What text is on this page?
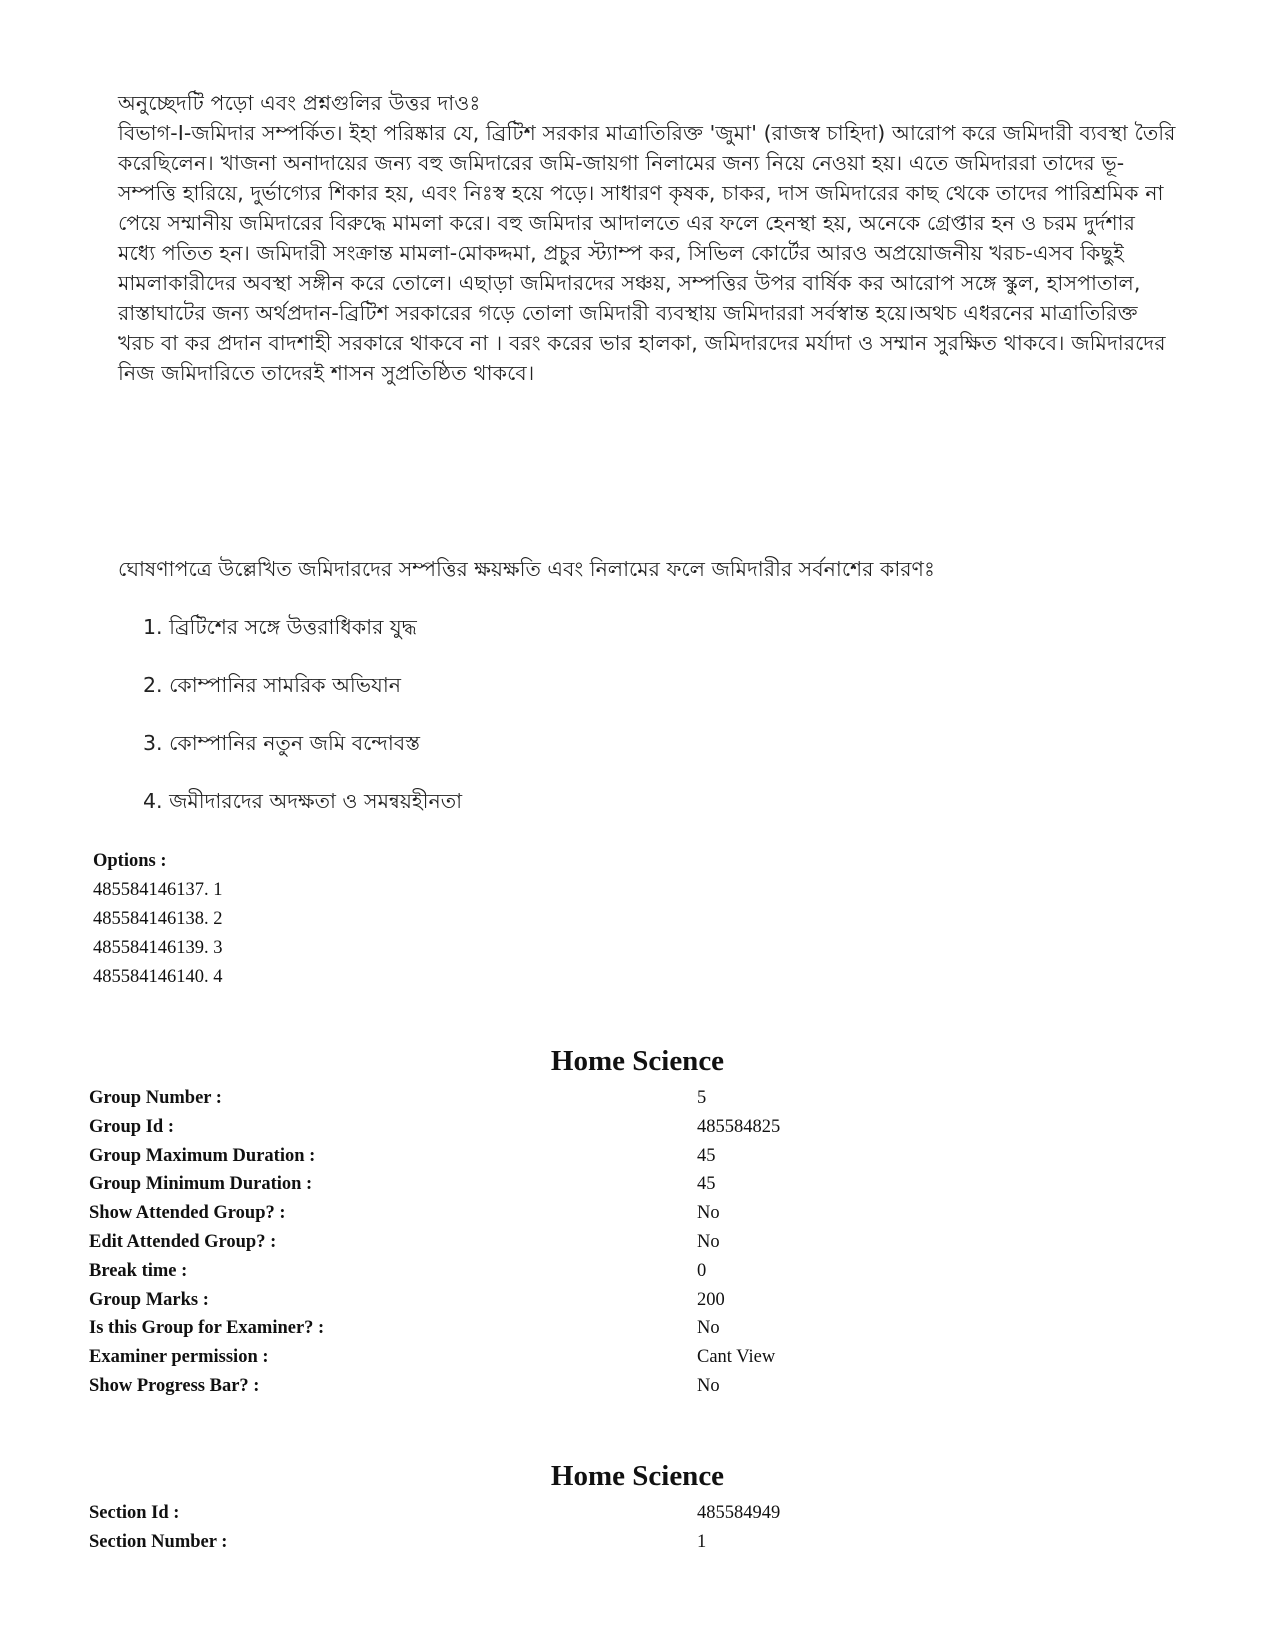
অনুচ্ছেদটি পড়ো এবং প্রশ্নগুলির উত্তর দাওঃ

বিভাগ-I-জমিদার সম্পর্কিত। ইহা পরিষ্কার যে, ব্রিটিশ সরকার মাত্রাতিরিক্ত 'জুমা' (রাজস্ব চাহিদা) আরোপ করে জমিদারী ব্যবস্থা তৈরি করেছিলেন। খাজনা অনাদায়ের জন্য বহু জমিদারের জমি-জায়গা নিলামের জন্য নিয়ে নেওয়া হয়। এতে জমিদাররা তাদের ভূ-সম্পত্তি হারিয়ে, দুর্ভাগ্যের শিকার হয়, এবং নিঃস্ব হয়ে পড়ে। সাধারণ কৃষক, চাকর, দাস জমিদারের কাছ থেকে তাদের পারিশ্রমিক না পেয়ে সম্মানীয় জমিদারের বিরুদ্ধে মামলা করে। বহু জমিদার আদালতে এর ফলে হেনস্থা হয়, অনেকে গ্রেপ্তার হন ও চরম দুর্দশার মধ্যে পতিত হন। জমিদারী সংক্রান্ত মামলা-মোকদ্দমা, প্রচুর স্ট্যাম্প কর, সিভিল কোর্টের আরও অপ্রয়োজনীয় খরচ-এসব কিছুই মামলাকারীদের অবস্থা সঙ্গীন করে তোলে। এছাড়া জমিদারদের সঞ্চয়, সম্পত্তির উপর বার্ষিক কর আরোপ সঙ্গে স্কুল, হাসপাতাল, রাস্তাঘাটের জন্য অর্থপ্রদান-ব্রিটিশ সরকারের গড়ে তোলা জমিদারী ব্যবস্থায় জমিদাররা সর্বস্বান্ত হয়ে।অথচ এধরনের মাত্রাতিরিক্ত খরচ বা কর প্রদান বাদশাহী সরকারে থাকবে না । বরং করের ভার হালকা, জমিদারদের মর্যাদা ও সম্মান সুরক্ষিত থাকবে। জমিদারদের নিজ জমিদারিতে তাদেরই শাসন সুপ্রতিষ্ঠিত থাকবে।

ঘোষণাপত্রে উল্লেখিত জমিদারদের সম্পত্তির ক্ষয়ক্ষতি এবং নিলামের ফলে জমিদারীর সর্বনাশের কারণঃ
1. ব্রিটিশের সঙ্গে উত্তরাধিকার যুদ্ধ
2. কোম্পানির সামরিক অভিযান
3. কোম্পানির নতুন জমি বন্দোবস্ত
4. জমীদারদের অদক্ষতা ও সমন্বয়হীনতা
Options :
485584146137. 1
485584146138. 2
485584146139. 3
485584146140. 4
Home Science
Group Number :	5
Group Id :	485584825
Group Maximum Duration :	45
Group Minimum Duration :	45
Show Attended Group? :	No
Edit Attended Group? :	No
Break time :	0
Group Marks :	200
Is this Group for Examiner? :	No
Examiner permission :	Cant View
Show Progress Bar? :	No
Home Science
Section Id :	485584949
Section Number :	1
